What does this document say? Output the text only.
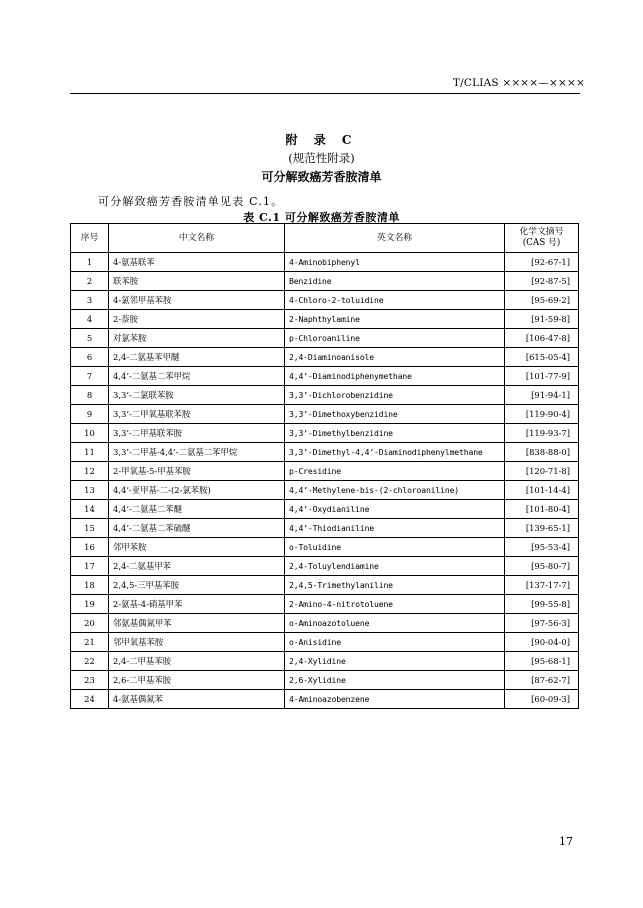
T/CLIAS ××××—××××
附 录 C
(规范性附录)
可分解致癌芳香胺清单
可分解致癌芳香胺清单见表 C.1。
表 C.1 可分解致癌芳香胺清单
序号	中文名称	英文名称	化学文摘号
(CAS 号)

1	4-氨基联苯	4-Aminobiphenyl	[92-67-1]
2	联苯胺	Benzidine	[92-87-5]
3	4-氯邻甲基苯胺	4-Chloro-2-toluidine	[95-69-2]
4	2-萘胺	2-Naphthylamine	[91-59-8]
5	对氯苯胺	p-Chloroaniline	[106-47-8]
6	2,4-二氨基苯甲醚	2,4-Diaminoanisole	[615-05-4]
7	4,4’-二氨基二苯甲烷	4,4’-Diaminodiphenymethane	[101-77-9]
8	3,3’-二氯联苯胺	3,3’-Dichlorobenzidine	[91-94-1]
9	3,3’-二甲氧基联苯胺	3,3’-Dimethoxybenzidine	[119-90-4]
10	3,3’-二甲基联苯胺	3,3’-Dimethylbenzidine	[119-93-7]
11	3,3’-二甲基-4,4’-二氨基二苯甲烷	3,3’-Dimethyl-4,4’-Diaminodiphenylmethane	[838-88-0]
12	2-甲氧基-5-甲基苯胺	p-Cresidine	[120-71-8]
13	4,4’-亚甲基-二-(2-氯苯胺)	4,4’-Methylene-bis-(2-chloroaniline)	[101-14-4]
14	4,4’-二氨基二苯醚	4,4’-Oxydianiline	[101-80-4]
15	4,4’-二氨基二苯硫醚	4,4’-Thiodianiline	[139-65-1]
16	邻甲苯胺	o-Toluidine	[95-53-4]
17	2,4-二氨基甲苯	2,4-Toluylendiamine	[95-80-7]
18	2,4,5-三甲基苯胺	2,4,5-Trimethylaniline	[137-17-7]
19	2-氨基-4-硝基甲苯	2-Amino-4-nitrotoluene	[99-55-8]
20	邻氨基偶氮甲苯	o-Aminoazotoluene	[97-56-3]
21	邻甲氧基苯胺	o-Anisidine	[90-04-0]
22	2,4-二甲基苯胺	2,4-Xylidine	[95-68-1]
23	2,6-二甲基苯胺	2,6-Xylidine	[87-62-7]
24	4-氨基偶氮苯	4-Aminoazobenzene	[60-09-3]
17
